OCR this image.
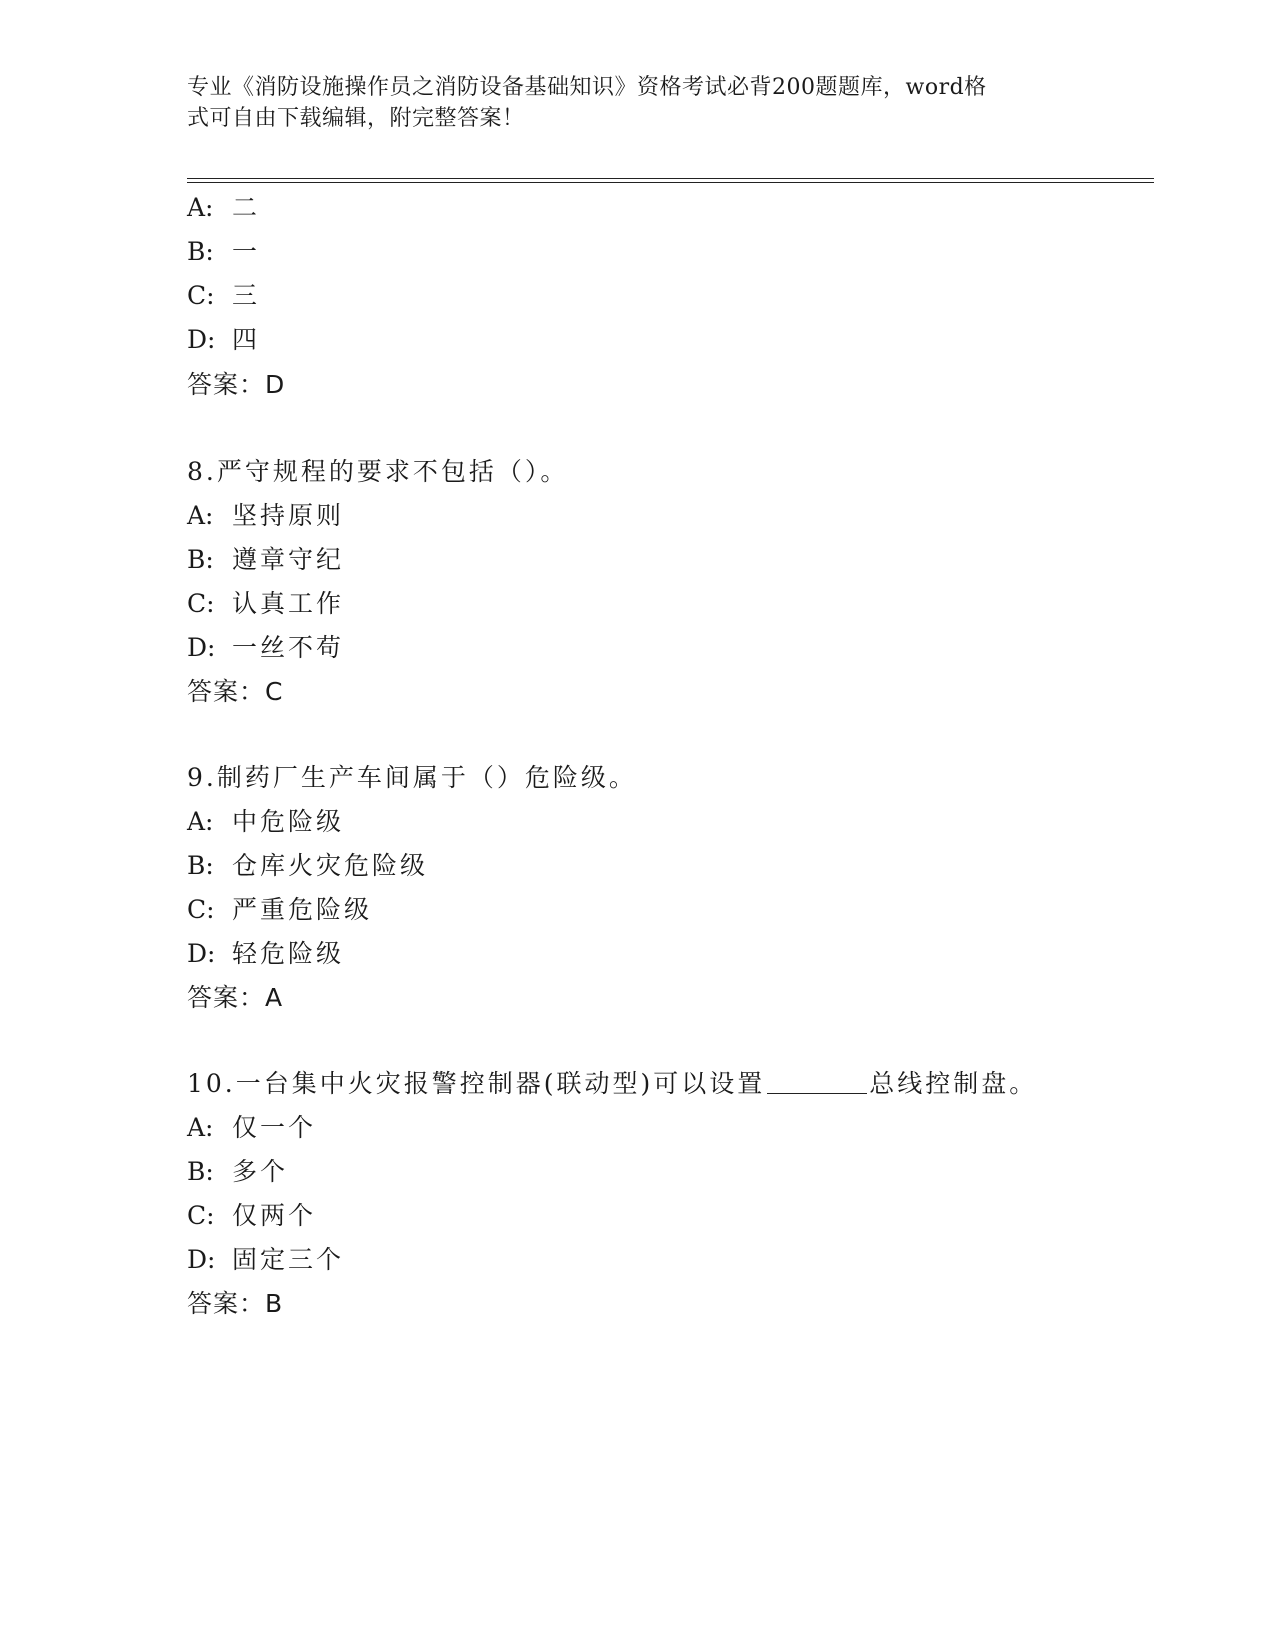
专业《消防设施操作员之消防设备基础知识》资格考试必背200题题库，word格
式可自由下载编辑，附完整答案！
A: 二
B: 一
C: 三
D: 四
答案：D
8.严守规程的要求不包括（）。
A: 坚持原则
B: 遵章守纪
C: 认真工作
D: 一丝不苟
答案：C
9.制药厂生产车间属于（）危险级。
A: 中危险级
B: 仓库火灾危险级
C: 严重危险级
D: 轻危险级
答案：A
10.一台集中火灾报警控制器(联动型)可以设置	总线控制盘。
A: 仅一个
B: 多个
C: 仅两个
D: 固定三个
答案：B
